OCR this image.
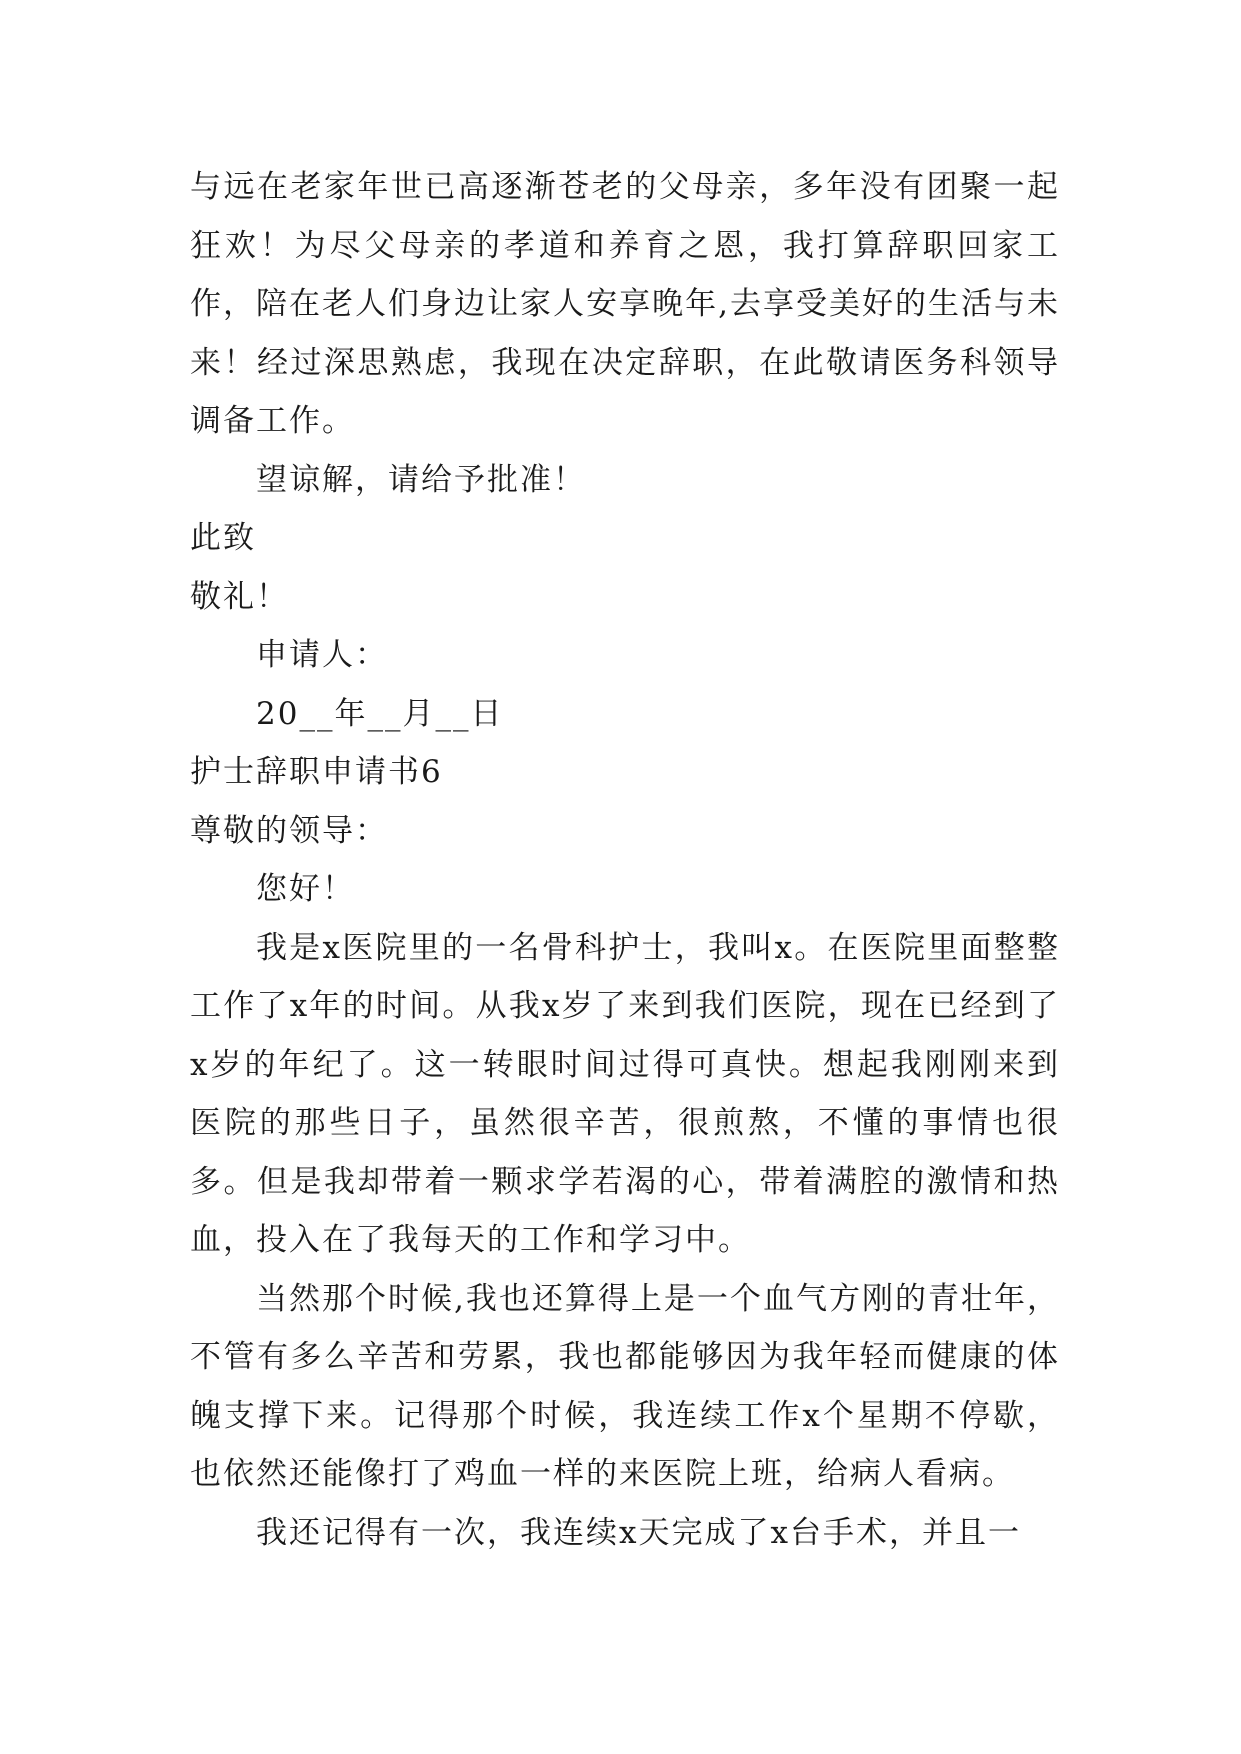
与远在老家年世已高逐渐苍老的父母亲，多年没有团聚一起狂欢！为尽父母亲的孝道和养育之恩，我打算辞职回家工作，陪在老人们身边让家人安享晚年,去享受美好的生活与未来！经过深思熟虑，我现在决定辞职，在此敬请医务科领导调备工作。

望谅解，请给予批准！

此致

敬礼！

申请人：

20__年__月__日

护士辞职申请书6

尊敬的领导：

您好！

我是x医院里的一名骨科护士，我叫x。在医院里面整整工作了x年的时间。从我x岁了来到我们医院，现在已经到了x岁的年纪了。这一转眼时间过得可真快。想起我刚刚来到医院的那些日子，虽然很辛苦，很煎熬，不懂的事情也很多。但是我却带着一颗求学若渴的心，带着满腔的激情和热血，投入在了我每天的工作和学习中。

当然那个时候,我也还算得上是一个血气方刚的青壮年，不管有多么辛苦和劳累，我也都能够因为我年轻而健康的体魄支撑下来。记得那个时候，我连续工作x个星期不停歇，也依然还能像打了鸡血一样的来医院上班，给病人看病。

我还记得有一次，我连续x天完成了x台手术，并且一
